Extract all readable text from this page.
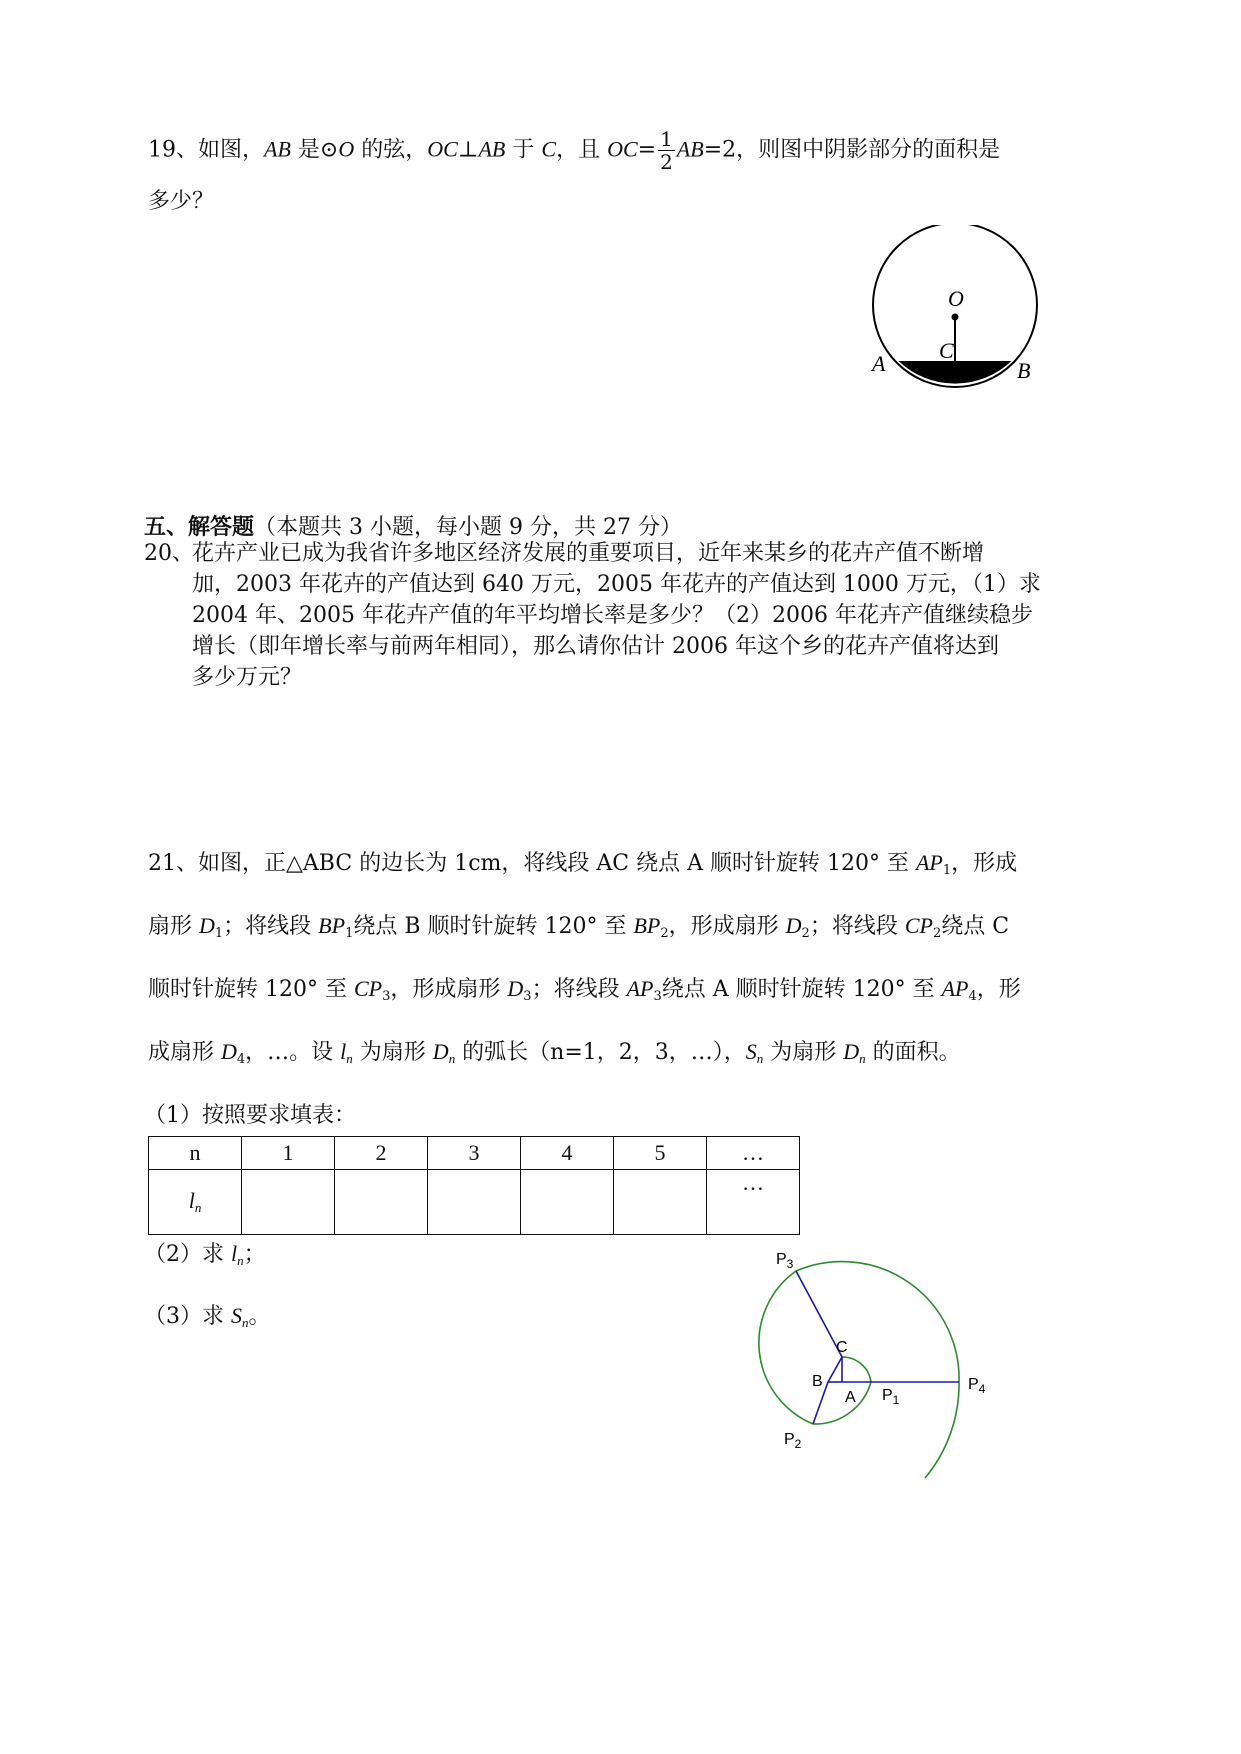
19、如图，AB 是⊙O 的弦，OC⊥AB 于 C，且 $OC= \frac{1}{2} AB=2$，则图中阴影部分的面积是
多少？
O
C
A	B
五、解答题（本题共 3 小题，每小题 9 分，共 27 分）
20、
花卉产业已成为我省许多地区经济发展的重要项目，近年来某乡的花卉产值不断增
加，2003 年花卉的产值达到 640 万元，2005 年花卉的产值达到 1000 万元，（1）求
2004 年、2005 年花卉产值的年平均增长率是多少？（2）2006 年花卉产值继续稳步
增长（即年增长率与前两年相同），那么请你估计 2006 年这个乡的花卉产值将达到
多少万元？
21、如图，正△ABC 的边长为 1cm，将线段 AC 绕点 A 顺时针旋转 120° 至 $AP_1$，形成
扇形 $D_1$；将线段 $BP_1$绕点 B 顺时针旋转 120° 至 $BP_2$，形成扇形 $D_2$；将线段 $CP_2$绕点 C
顺时针旋转 120° 至 $CP_3$，形成扇形 $D_3$；将线段 $AP_3$绕点 A 顺时针旋转 120° 至 $AP_4$，形
成扇形 $D_4$，…。设 $l_n$ 为扇形 $D_n$ 的弧长（n=1，2，3，…），$S_n$ 为扇形 $D_n$ 的面积。
（1）按照要求填表：
n	1	2	3	4	5	…
$l_n$						…
（2）求 $l_n$；
（3）求 $S_n$。
$P_3$
C
B
A $P_1$
$P_4$
$P_2$
